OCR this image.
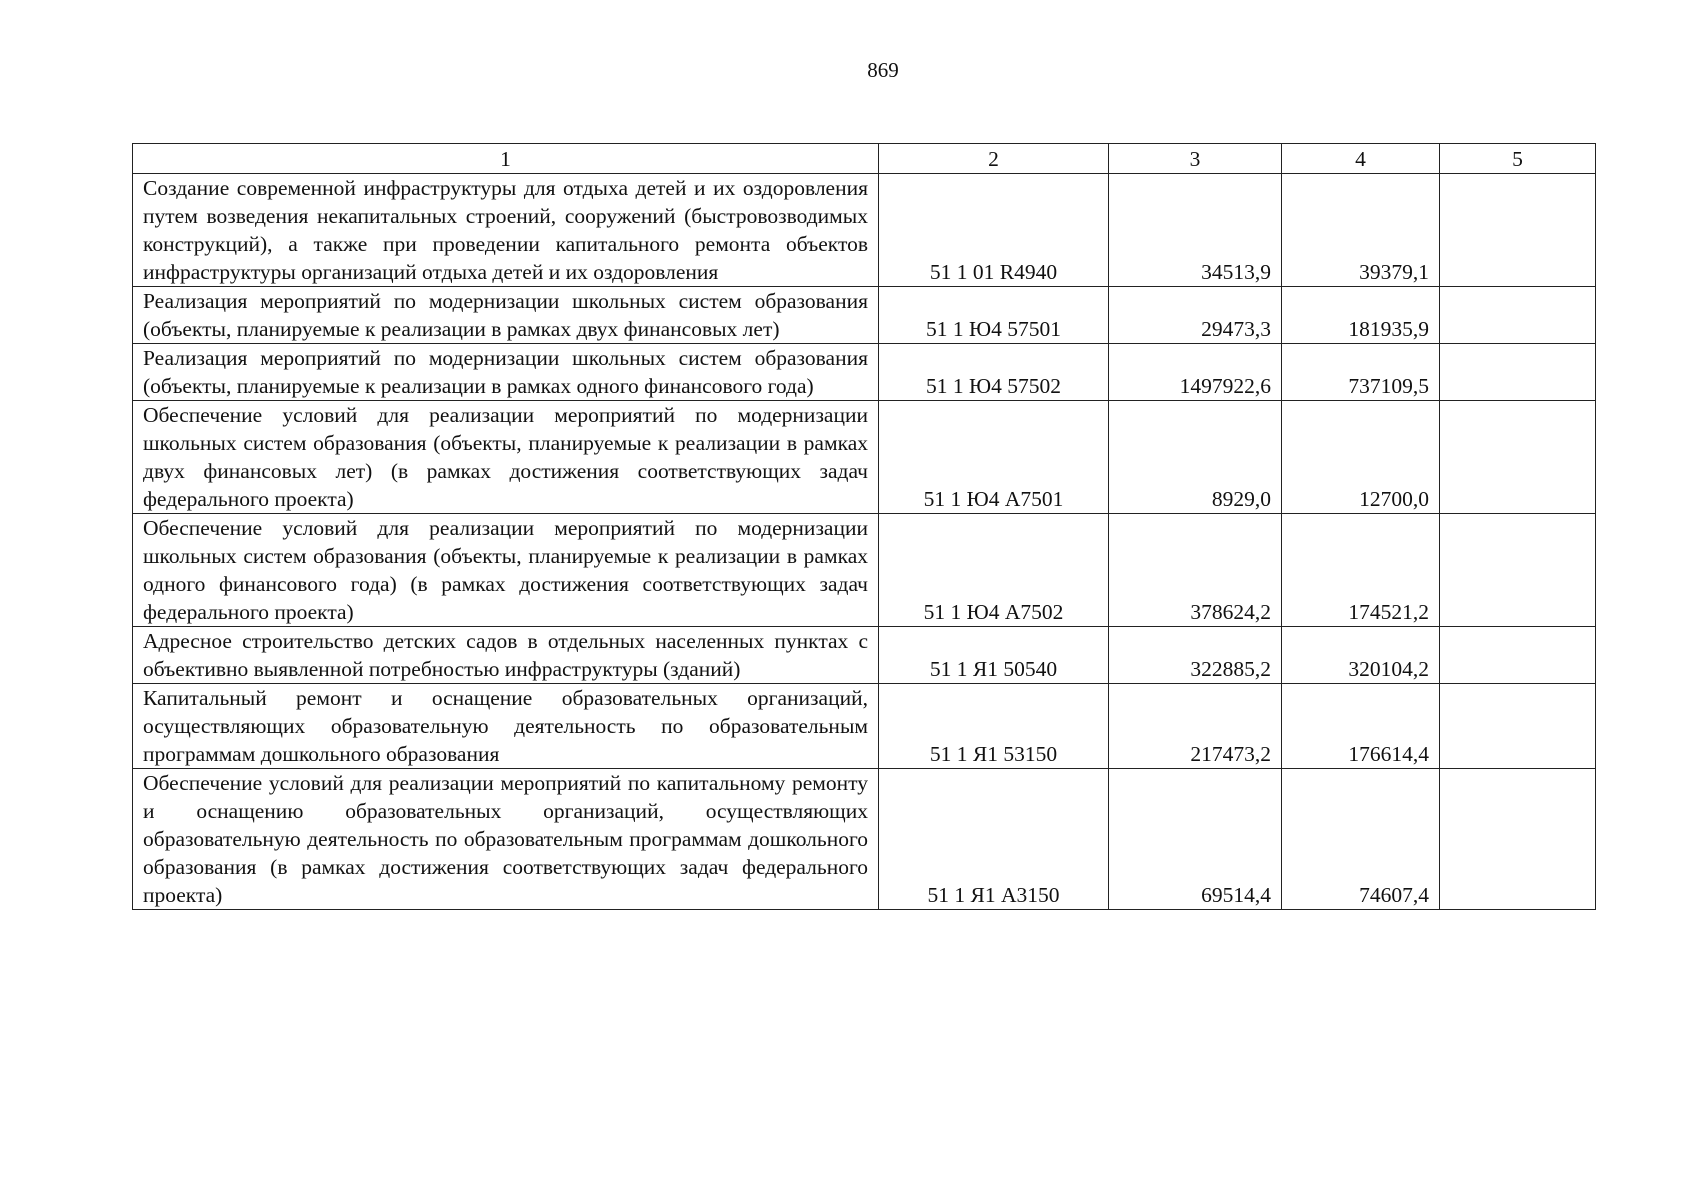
869
1	2	3	4	5
Создание современной инфраструктуры для отдыха детей и их оздоровления путем возведения некапитальных строений, сооружений (быстровозводимых конструкций), а также при проведении капитального ремонта объектов инфраструктуры организаций отдыха детей и их оздоровления	51 1 01 R4940	34513,9	39379,1	
Реализация мероприятий по модернизации школьных систем образования (объекты, планируемые к реализации в рамках двух финансовых лет)	51 1 Ю4 57501	29473,3	181935,9	
Реализация мероприятий по модернизации школьных систем образования (объекты, планируемые к реализации в рамках одного финансового года)	51 1 Ю4 57502	1497922,6	737109,5	
Обеспечение условий для реализации мероприятий по модернизации школьных систем образования (объекты, планируемые к реализации в рамках двух финансовых лет) (в рамках достижения соответствующих задач федерального проекта)	51 1 Ю4 А7501	8929,0	12700,0	
Обеспечение условий для реализации мероприятий по модернизации школьных систем образования (объекты, планируемые к реализации в рамках одного финансового года) (в рамках достижения соответствующих задач федерального проекта)	51 1 Ю4 А7502	378624,2	174521,2	
Адресное строительство детских садов в отдельных населенных пунктах с объективно выявленной потребностью инфраструктуры (зданий)	51 1 Я1 50540	322885,2	320104,2	
Капитальный ремонт и оснащение образовательных организаций, осуществляющих образовательную деятельность по образовательным программам дошкольного образования	51 1 Я1 53150	217473,2	176614,4	
Обеспечение условий для реализации мероприятий по капитальному ремонту и оснащению образовательных организаций, осуществляющих образовательную деятельность по образовательным программам дошкольного образования (в рамках достижения соответствующих задач федерального проекта)	51 1 Я1 А3150	69514,4	74607,4	
